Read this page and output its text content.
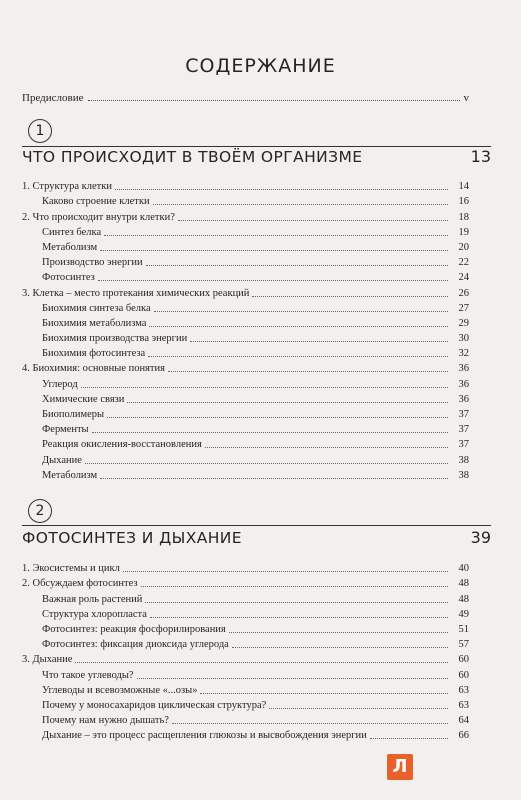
СОДЕРЖАНИЕ
Предисловие	v
1
ЧТО ПРОИСХОДИТ В ТВОЁМ ОРГАНИЗМЕ	13
1. Структура клетки	14
Каково строение клетки	16
2. Что происходит внутри клетки?	18
Синтез белка	19
Метаболизм	20
Производство энергии	22
Фотосинтез	24
3. Клетка – место протекания химических реакций	26
Биохимия синтеза белка	27
Биохимия метаболизма	29
Биохимия производства энергии	30
Биохимия фотосинтеза	32
4. Биохимия: основные понятия	36
Углерод	36
Химические связи	36
Биополимеры	37
Ферменты	37
Реакция окисления-восстановления	37
Дыхание	38
Метаболизм	38
2
ФОТОСИНТЕЗ И ДЫХАНИЕ	39
1. Экосистемы и цикл	40
2. Обсуждаем фотосинтез	48
Важная роль растений	48
Структура хлоропласта	49
Фотосинтез: реакция фосфорилирования	51
Фотосинтез: фиксация диоксида углерода	57
3. Дыхание	60
Что такое углеводы?	60
Углеводы и всевозможные «...озы»	63
Почему у моносахаридов циклическая структура?	63
Почему нам нужно дышать?	64
Дыхание – это процесс расщепления глюкозы и высвобождения энергии	66
Л
